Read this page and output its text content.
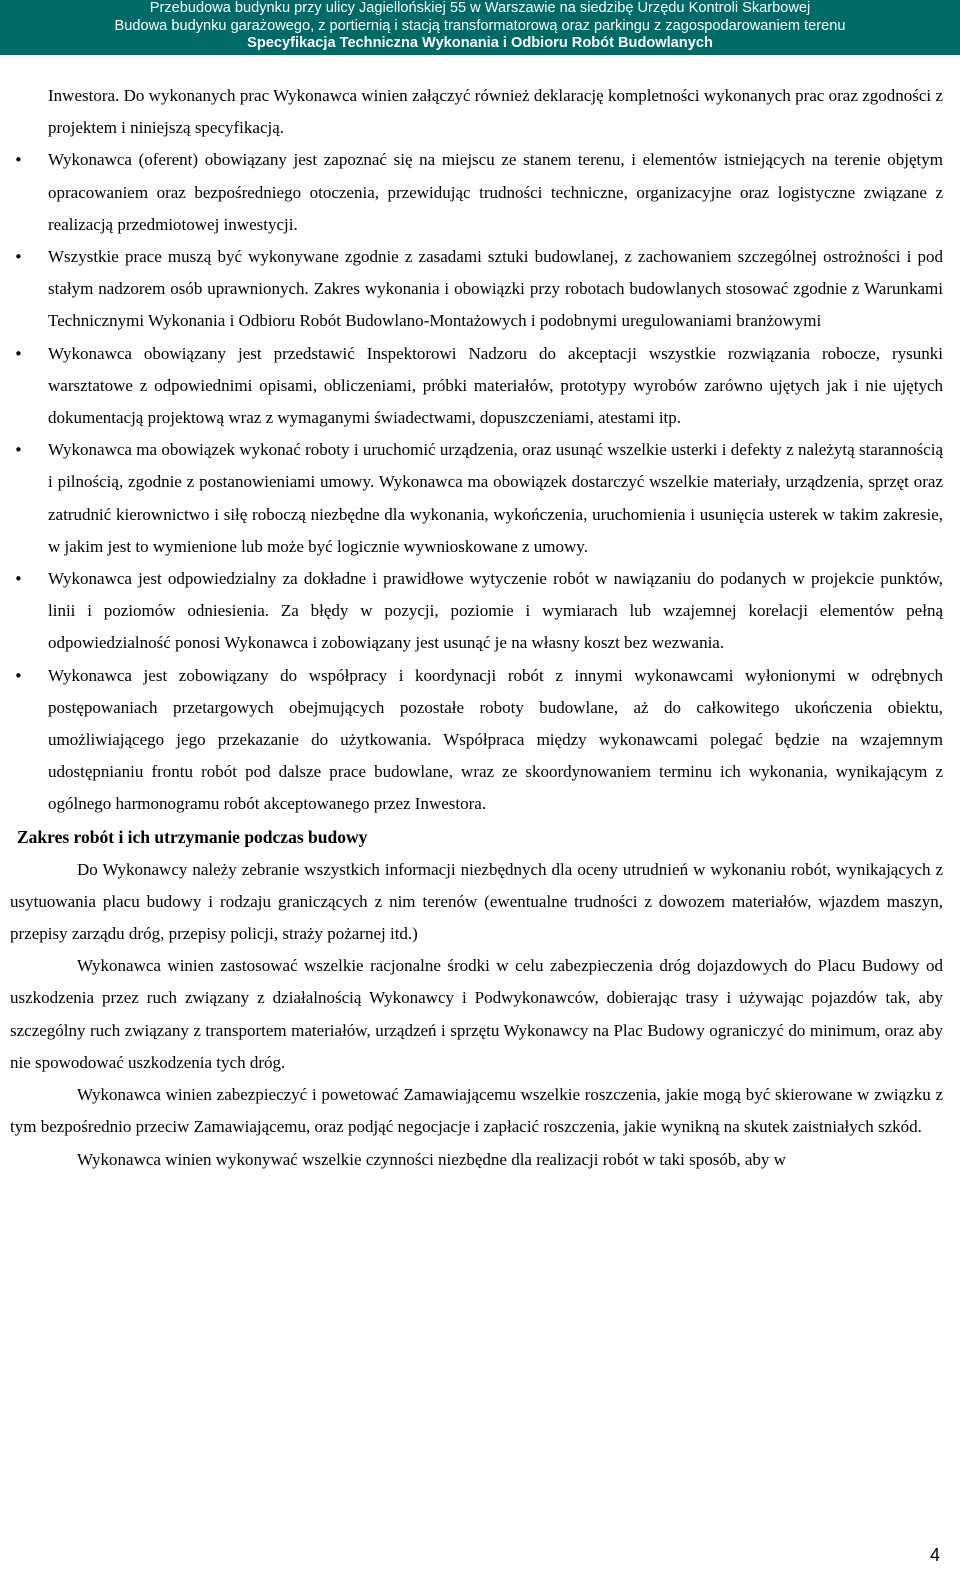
Przebudowa budynku przy ulicy Jagiellońskiej 55 w Warszawie na siedzibę Urzędu Kontroli Skarbowej
Budowa budynku garażowego, z portiernią i stacją transformatorową oraz parkingu z zagospodarowaniem terenu
Specyfikacja Techniczna Wykonania i Odbioru Robót Budowlanych

Inwestora. Do wykonanych prac Wykonawca winien załączyć również deklarację kompletności wykonanych prac oraz zgodności z projektem i niniejszą specyfikacją.

• Wykonawca (oferent) obowiązany jest zapoznać się na miejscu ze stanem terenu, i elementów istniejących na terenie objętym opracowaniem oraz bezpośredniego otoczenia, przewidując trudności techniczne, organizacyjne oraz logistyczne związane z realizacją przedmiotowej inwestycji.

• Wszystkie prace muszą być wykonywane zgodnie z zasadami sztuki budowlanej, z zachowaniem szczególnej ostrożności i pod stałym nadzorem osób uprawnionych. Zakres wykonania i obowiązki przy robotach budowlanych stosować zgodnie z Warunkami Technicznymi Wykonania i Odbioru Robót Budowlano-Montażowych i podobnymi uregulowaniami branżowymi

• Wykonawca obowiązany jest przedstawić Inspektorowi Nadzoru do akceptacji wszystkie rozwiązania robocze, rysunki warsztatowe z odpowiednimi opisami, obliczeniami, próbki materiałów, prototypy wyrobów zarówno ujętych jak i nie ujętych dokumentacją projektową wraz z wymaganymi świadectwami, dopuszczeniami, atestami itp.

• Wykonawca ma obowiązek wykonać roboty i uruchomić urządzenia, oraz usunąć wszelkie usterki i defekty z należytą starannością i pilnością, zgodnie z postanowieniami umowy. Wykonawca ma obowiązek dostarczyć wszelkie materiały, urządzenia, sprzęt oraz zatrudnić kierownictwo i siłę roboczą niezbędne dla wykonania, wykończenia, uruchomienia i usunięcia usterek w takim zakresie, w jakim jest to wymienione lub może być logicznie wywnioskowane z umowy.

• Wykonawca jest odpowiedzialny za dokładne i prawidłowe wytyczenie robót w nawiązaniu do podanych w projekcie punktów, linii i poziomów odniesienia. Za błędy w pozycji, poziomie i wymiarach lub wzajemnej korelacji elementów pełną odpowiedzialność ponosi Wykonawca i zobowiązany jest usunąć je na własny koszt bez wezwania.

• Wykonawca jest zobowiązany do współpracy i koordynacji robót z innymi wykonawcami wyłonionymi w odrębnych postępowaniach przetargowych obejmujących pozostałe roboty budowlane, aż do całkowitego ukończenia obiektu, umożliwiającego jego przekazanie do użytkowania. Współpraca między wykonawcami polegać będzie na wzajemnym udostępnianiu frontu robót pod dalsze prace budowlane, wraz ze skoordynowaniem terminu ich wykonania, wynikającym z ogólnego harmonogramu robót akceptowanego przez Inwestora.

Zakres robót i ich utrzymanie podczas budowy

Do Wykonawcy należy zebranie wszystkich informacji niezbędnych dla oceny utrudnień w wykonaniu robót, wynikających z usytuowania placu budowy i rodzaju graniczących z nim terenów (ewentualne trudności z dowozem materiałów, wjazdem maszyn, przepisy zarządu dróg, przepisy policji, straży pożarnej itd.)

Wykonawca winien zastosować wszelkie racjonalne środki w celu zabezpieczenia dróg dojazdowych do Placu Budowy od uszkodzenia przez ruch związany z działalnością Wykonawcy i Podwykonawców, dobierając trasy i używając pojazdów tak, aby szczególny ruch związany z transportem materiałów, urządzeń i sprzętu Wykonawcy na Plac Budowy ograniczyć do minimum, oraz aby nie spowodować uszkodzenia tych dróg.

Wykonawca winien zabezpieczyć i powetować Zamawiającemu wszelkie roszczenia, jakie mogą być skierowane w związku z tym bezpośrednio przeciw Zamawiającemu, oraz podjąć negocjacje i zapłacić roszczenia, jakie wynikną na skutek zaistniałych szkód.

Wykonawca winien wykonywać wszelkie czynności niezbędne dla realizacji robót w taki sposób, aby w

4
